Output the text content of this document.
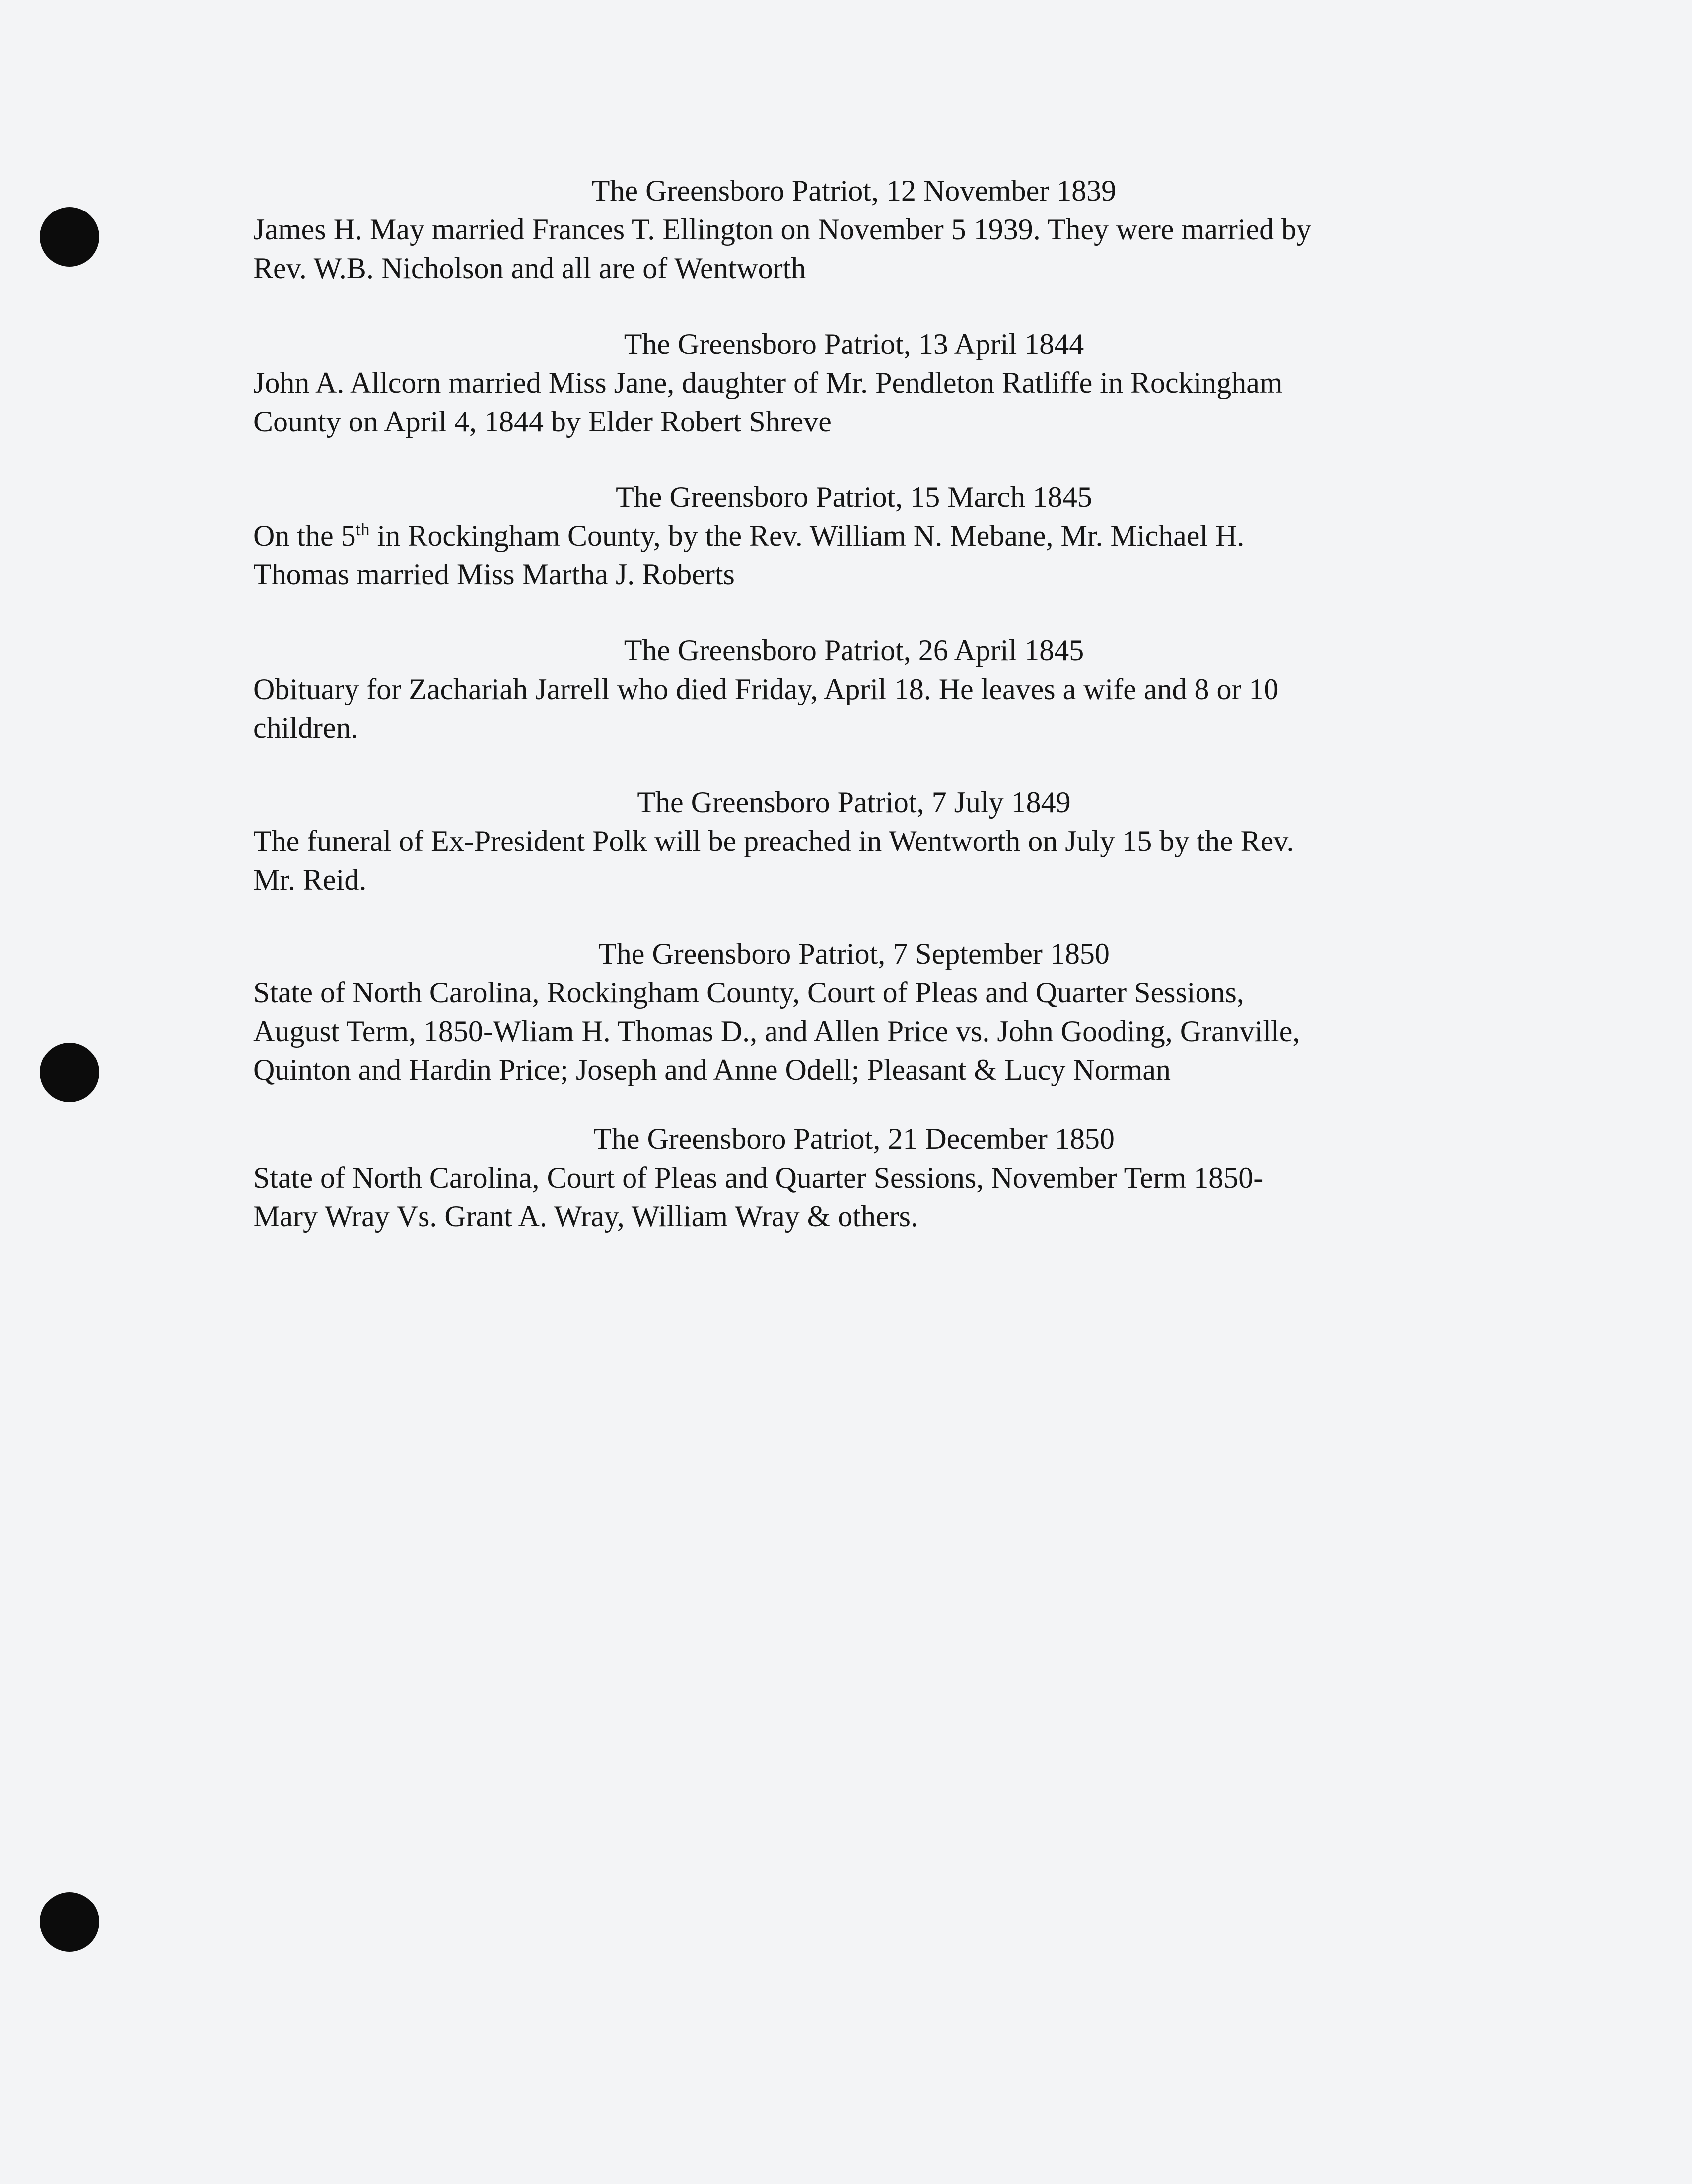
The Greensboro Patriot, 12 November 1839
James H. May married Frances T. Ellington on November 5 1939. They were married by
Rev. W.B. Nicholson and all are of Wentworth
The Greensboro Patriot, 13 April 1844
John A. Allcorn married Miss Jane, daughter of Mr. Pendleton Ratliffe in Rockingham
County on April 4, 1844 by Elder Robert Shreve
The Greensboro Patriot, 15 March 1845
On the 5th in Rockingham County, by the Rev. William N. Mebane, Mr. Michael H.
Thomas married Miss Martha J. Roberts
The Greensboro Patriot, 26 April 1845
Obituary for Zachariah Jarrell who died Friday, April 18. He leaves a wife and 8 or 10
children.
The Greensboro Patriot, 7 July 1849
The funeral of Ex-President Polk will be preached in Wentworth on July 15 by the Rev.
Mr. Reid.
The Greensboro Patriot, 7 September 1850
State of North Carolina, Rockingham County, Court of Pleas and Quarter Sessions,
August Term, 1850-Wliam H. Thomas D., and Allen Price vs. John Gooding, Granville,
Quinton and Hardin Price; Joseph and Anne Odell; Pleasant & Lucy Norman
The Greensboro Patriot, 21 December 1850
State of North Carolina, Court of Pleas and Quarter Sessions, November Term 1850-
Mary Wray Vs. Grant A. Wray, William Wray & others.
